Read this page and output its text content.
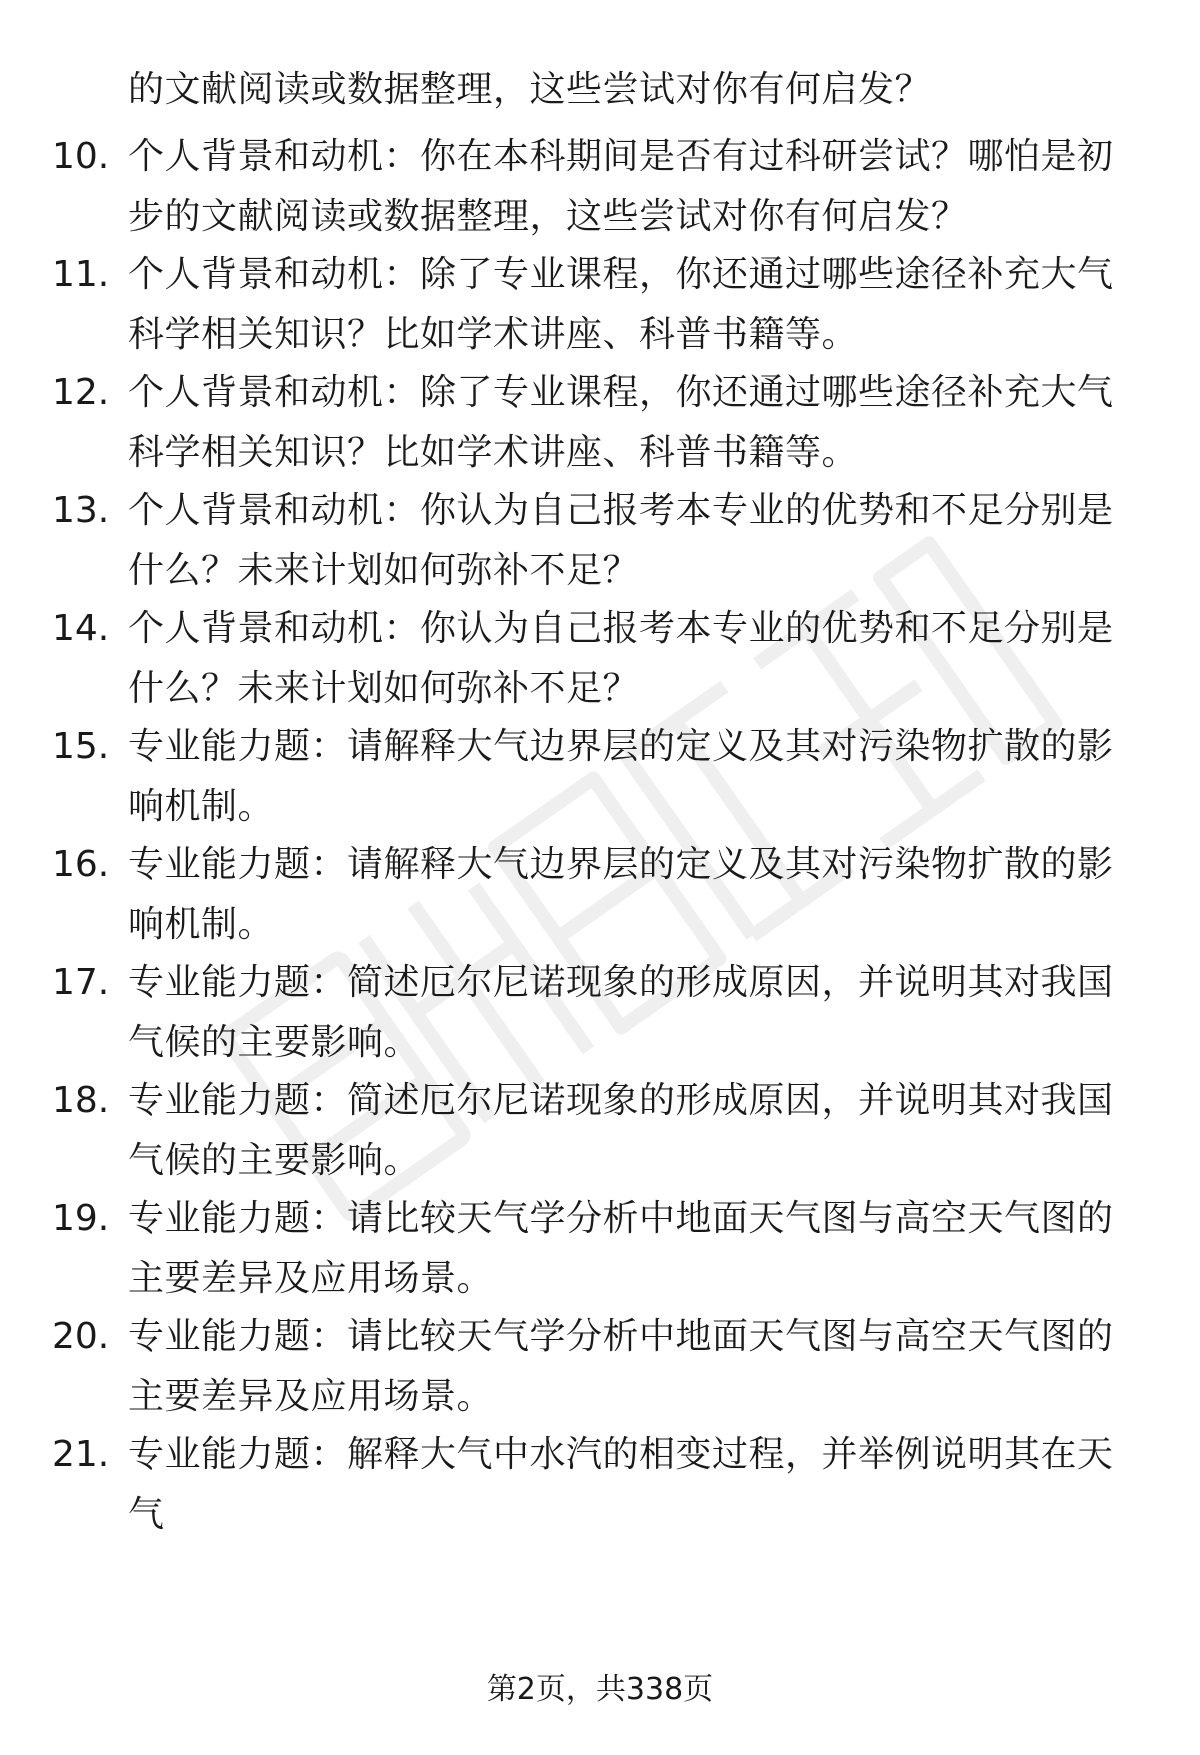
的文献阅读或数据整理，这些尝试对你有何启发？
10. 个人背景和动机：你在本科期间是否有过科研尝试？哪怕是初步的文献阅读或数据整理，这些尝试对你有何启发？
11. 个人背景和动机：除了专业课程，你还通过哪些途径补充大气科学相关知识？比如学术讲座、科普书籍等。
12. 个人背景和动机：除了专业课程，你还通过哪些途径补充大气科学相关知识？比如学术讲座、科普书籍等。
13. 个人背景和动机：你认为自己报考本专业的优势和不足分别是什么？未来计划如何弥补不足？
14. 个人背景和动机：你认为自己报考本专业的优势和不足分别是什么？未来计划如何弥补不足？
15. 专业能力题：请解释大气边界层的定义及其对污染物扩散的影响机制。
16. 专业能力题：请解释大气边界层的定义及其对污染物扩散的影响机制。
17. 专业能力题：简述厄尔尼诺现象的形成原因，并说明其对我国气候的主要影响。
18. 专业能力题：简述厄尔尼诺现象的形成原因，并说明其对我国气候的主要影响。
19. 专业能力题：请比较天气学分析中地面天气图与高空天气图的主要差异及应用场景。
20. 专业能力题：请比较天气学分析中地面天气图与高空天气图的主要差异及应用场景。
21. 专业能力题：解释大气中水汽的相变过程，并举例说明其在天气
第2页，共338页
